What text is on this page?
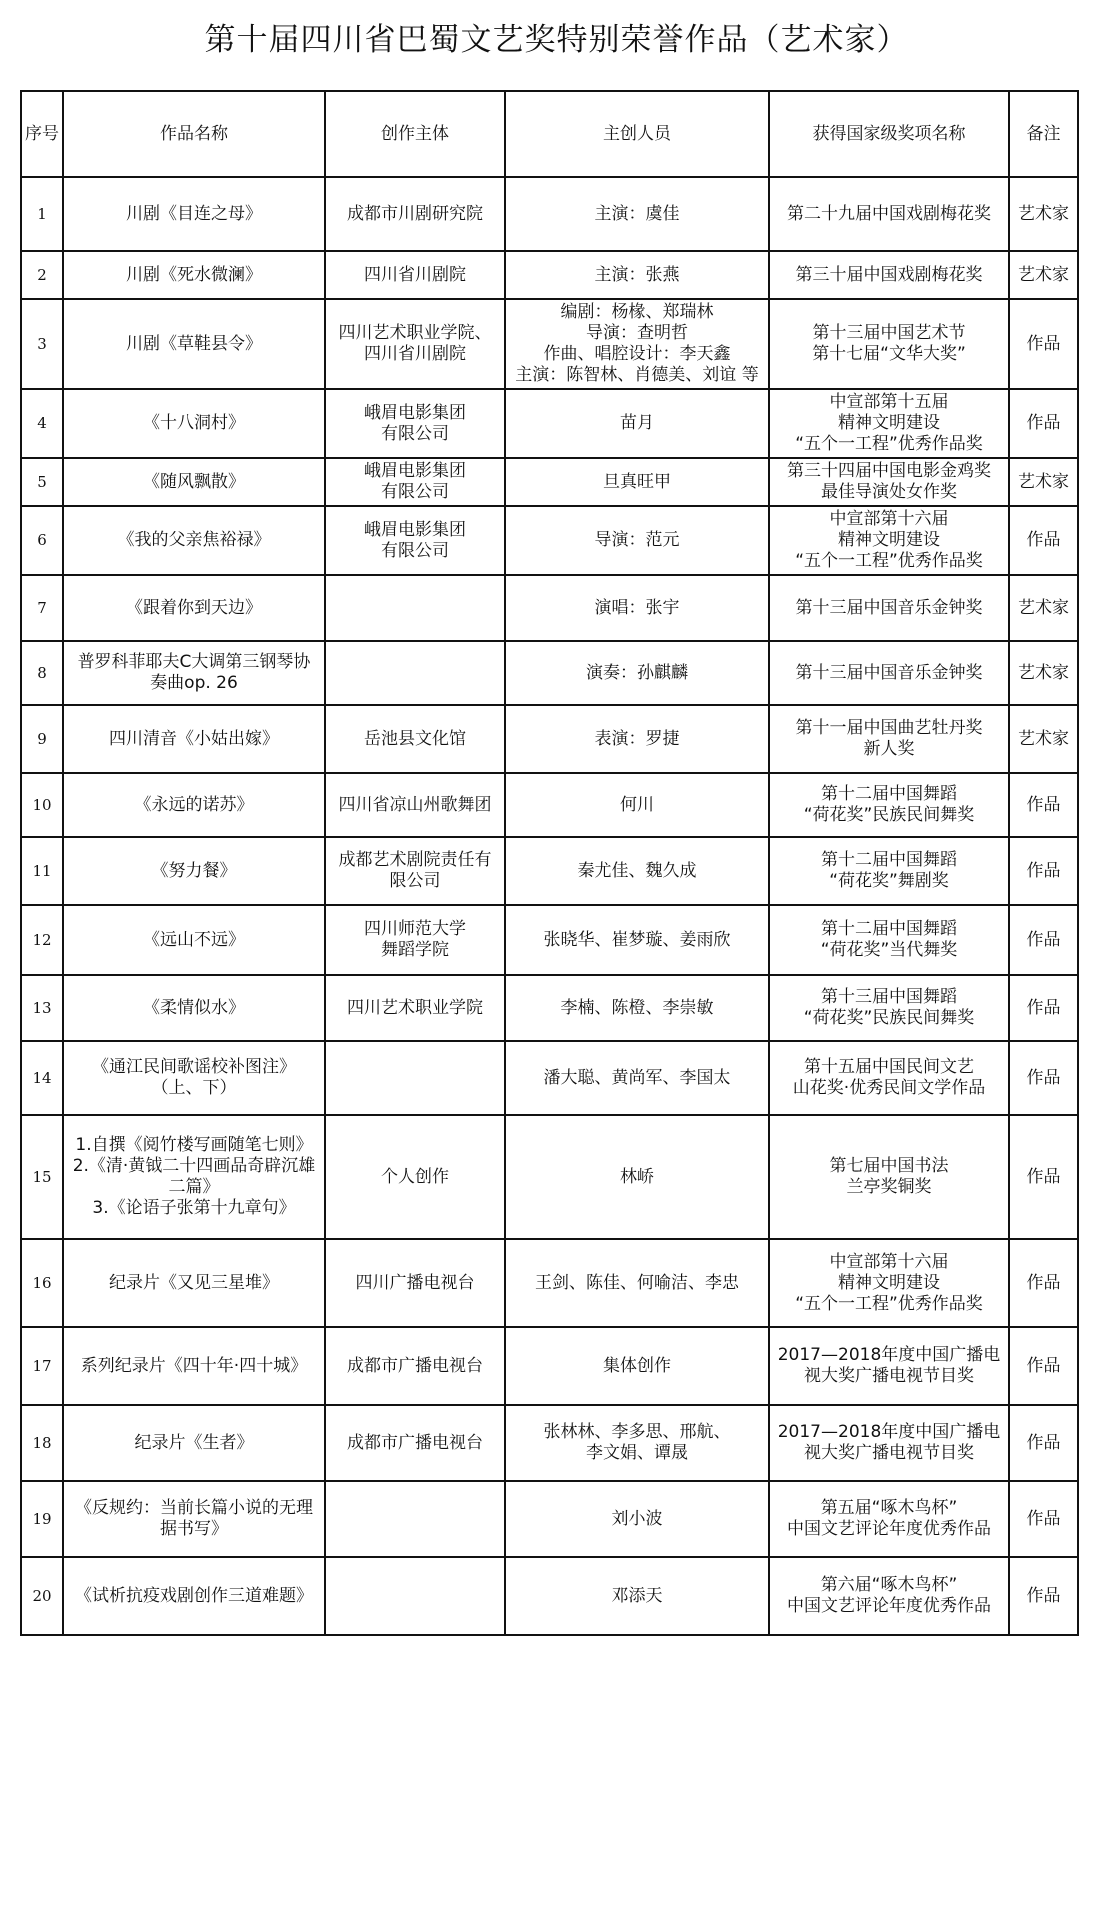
第十届四川省巴蜀文艺奖特别荣誉作品（艺术家）
序号	作品名称	创作主体	主创人员	获得国家级奖项名称	备注
1	川剧《目连之母》	成都市川剧研究院	主演：虞佳	第二十九届中国戏剧梅花奖	艺术家
2	川剧《死水微澜》	四川省川剧院	主演：张燕	第三十届中国戏剧梅花奖	艺术家
3	川剧《草鞋县令》	四川艺术职业学院、
四川省川剧院	编剧：杨椽、郑瑞林
导演：查明哲
作曲、唱腔设计：李天鑫
主演：陈智林、肖德美、刘谊 等	第十三届中国艺术节
第十七届“文华大奖”	作品
4	《十八洞村》	峨眉电影集团
有限公司	苗月	中宣部第十五届
精神文明建设
“五个一工程”优秀作品奖	作品
5	《随风飘散》	峨眉电影集团
有限公司	旦真旺甲	第三十四届中国电影金鸡奖
最佳导演处女作奖	艺术家
6	《我的父亲焦裕禄》	峨眉电影集团
有限公司	导演：范元	中宣部第十六届
精神文明建设
“五个一工程”优秀作品奖	作品
7	《跟着你到天边》		演唱：张宇	第十三届中国音乐金钟奖	艺术家
8	普罗科菲耶夫C大调第三钢琴协
奏曲op. 26		演奏：孙麒麟	第十三届中国音乐金钟奖	艺术家
9	四川清音《小姑出嫁》	岳池县文化馆	表演：罗捷	第十一届中国曲艺牡丹奖
新人奖	艺术家
10	《永远的诺苏》	四川省凉山州歌舞团	何川	第十二届中国舞蹈
“荷花奖”民族民间舞奖	作品
11	《努力餐》	成都艺术剧院责任有
限公司	秦尤佳、魏久成	第十二届中国舞蹈
“荷花奖”舞剧奖	作品
12	《远山不远》	四川师范大学
舞蹈学院	张晓华、崔梦璇、姜雨欣	第十二届中国舞蹈
“荷花奖”当代舞奖	作品
13	《柔情似水》	四川艺术职业学院	李楠、陈橙、李崇敏	第十三届中国舞蹈
“荷花奖”民族民间舞奖	作品
14	《通江民间歌谣校补图注》
（上、下）		潘大聪、黄尚军、李国太	第十五届中国民间文艺
山花奖·优秀民间文学作品	作品
15	1.自撰《阅竹楼写画随笔七则》
2.《清·黄钺二十四画品奇辟沉雄
二篇》
3.《论语子张第十九章句》	个人创作	林峤	第七届中国书法
兰亭奖铜奖	作品
16	纪录片《又见三星堆》	四川广播电视台	王剑、陈佳、何喻洁、李忠	中宣部第十六届
精神文明建设
“五个一工程”优秀作品奖	作品
17	系列纪录片《四十年·四十城》	成都市广播电视台	集体创作	2017—2018年度中国广播电
视大奖广播电视节目奖	作品
18	纪录片《生者》	成都市广播电视台	张林林、李多思、邢航、
李文娟、谭晟	2017—2018年度中国广播电
视大奖广播电视节目奖	作品
19	《反规约：当前长篇小说的无理
据书写》		刘小波	第五届“啄木鸟杯”
中国文艺评论年度优秀作品	作品
20	《试析抗疫戏剧创作三道难题》		邓添天	第六届“啄木鸟杯”
中国文艺评论年度优秀作品	作品
